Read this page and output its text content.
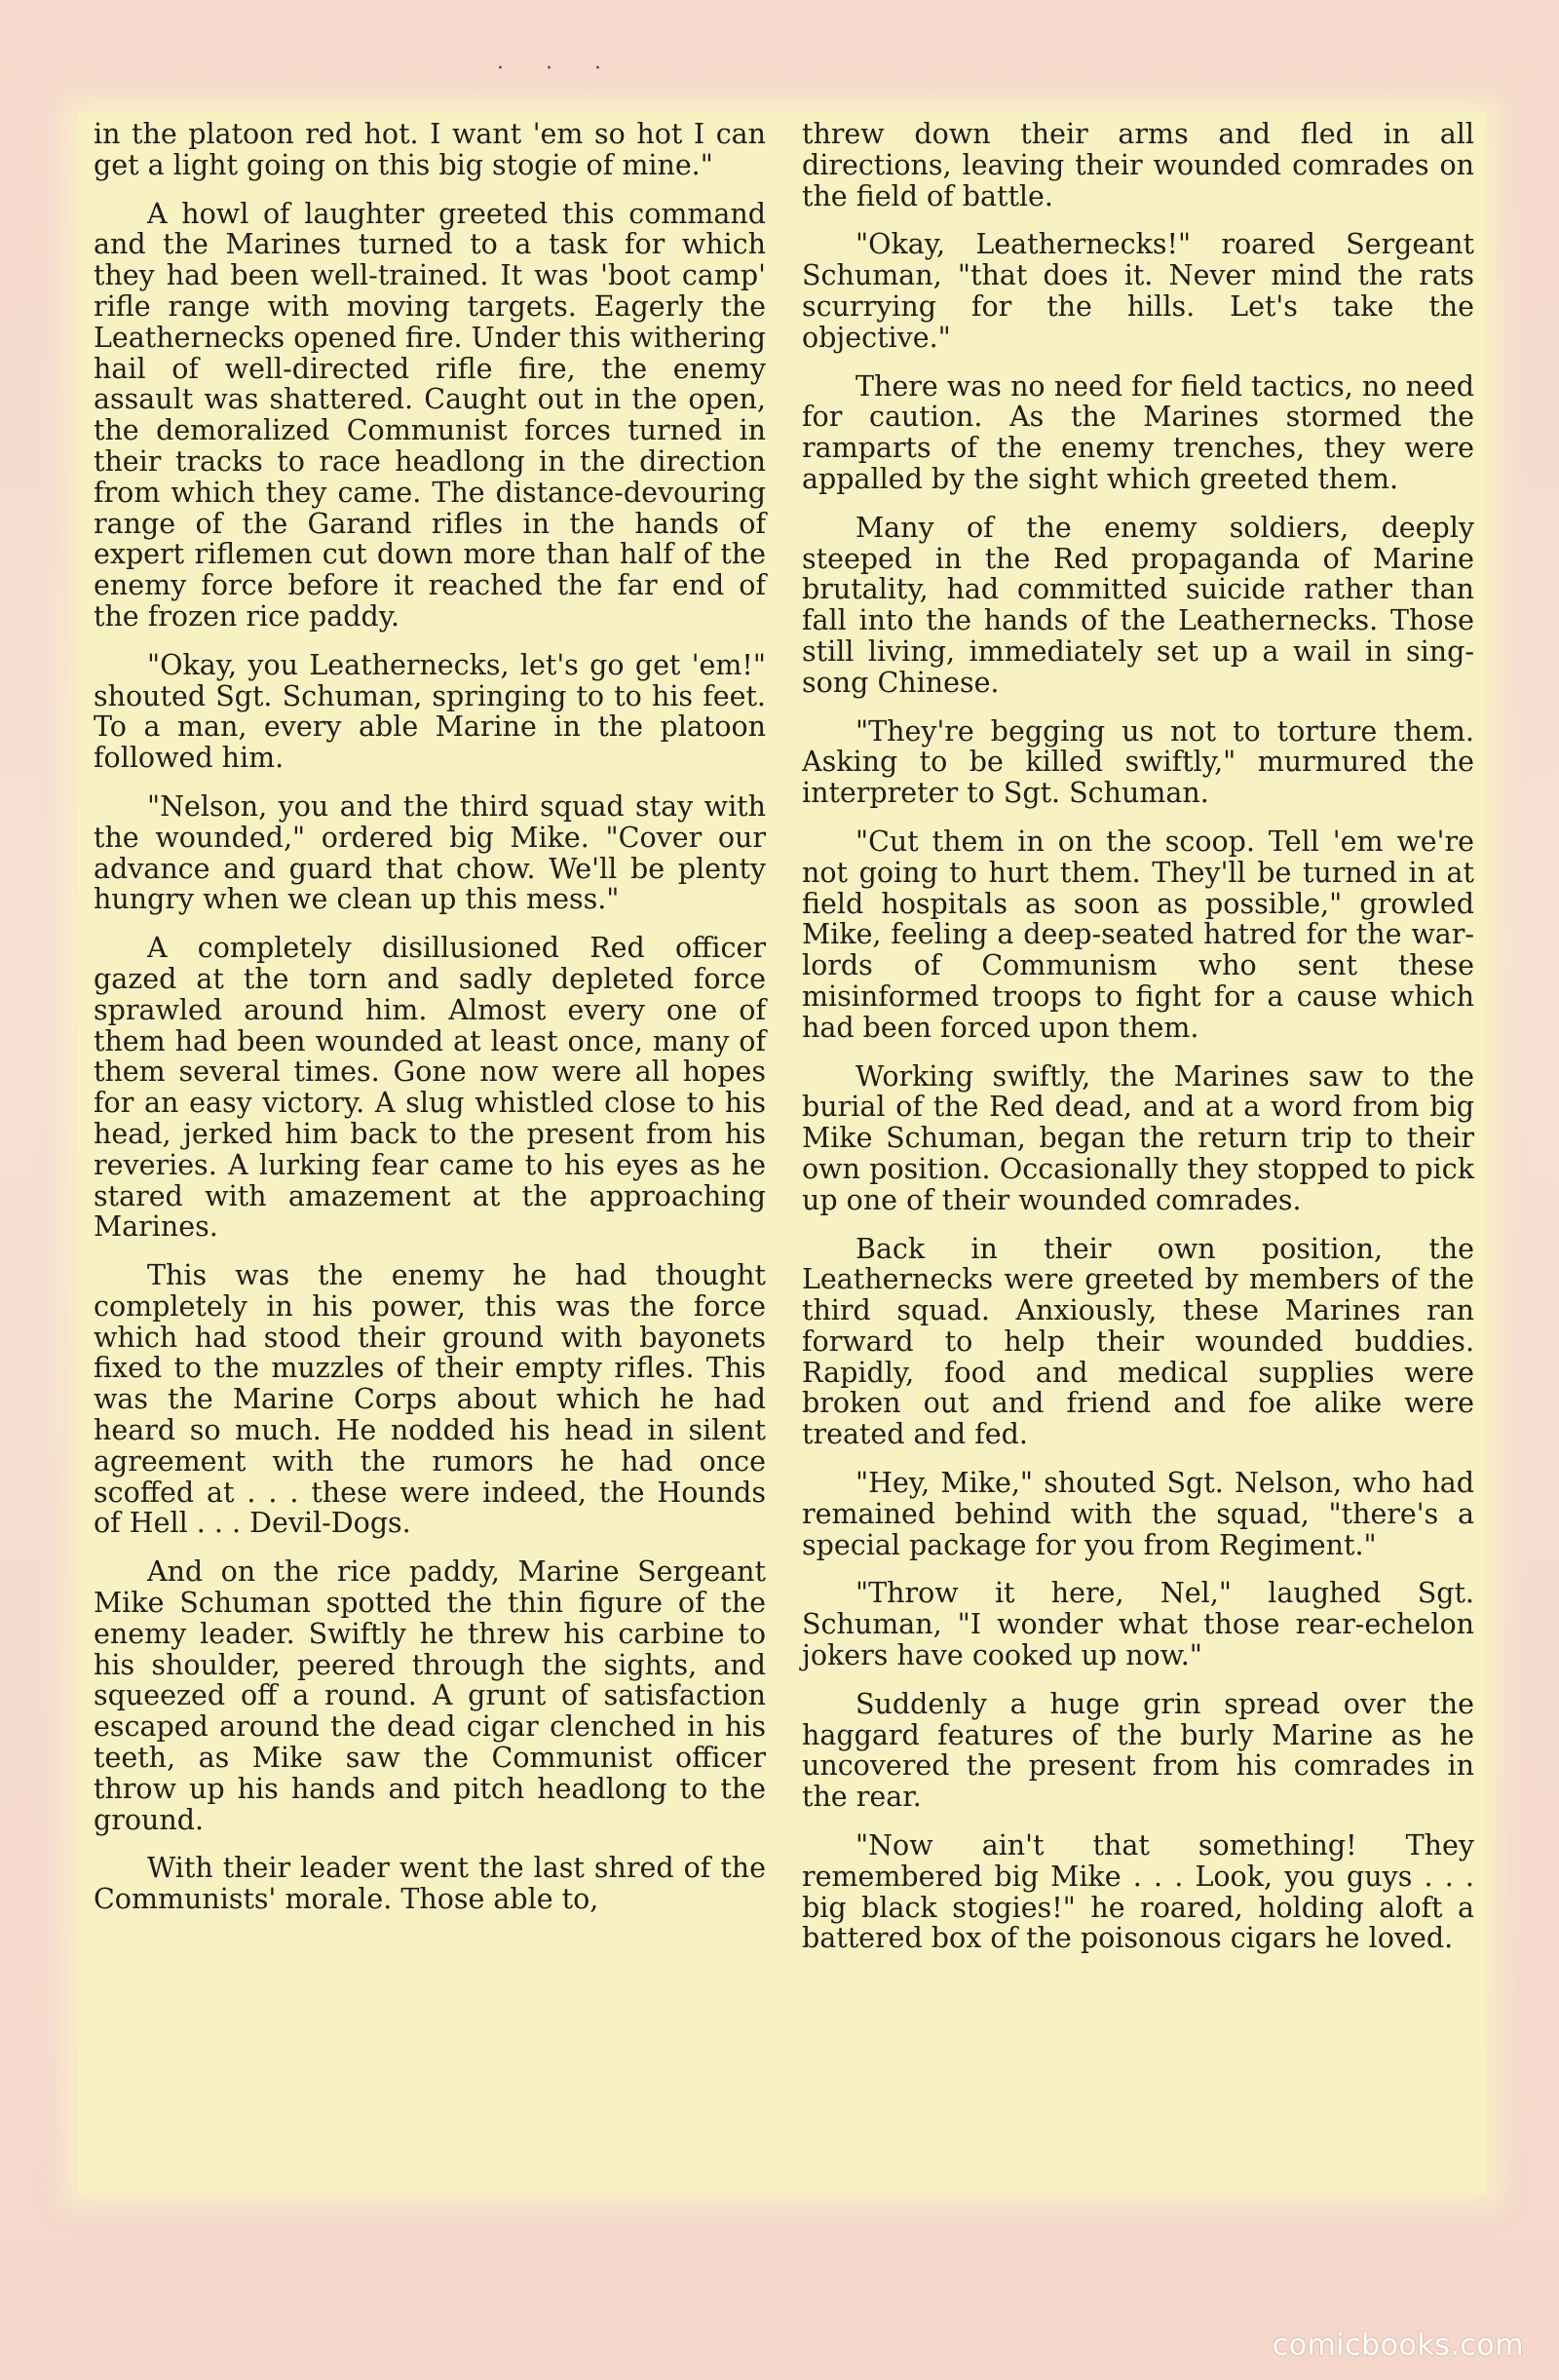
· · ·

in the platoon red hot. I want 'em so hot I can get a light going on this big stogie of mine."

A howl of laughter greeted this command and the Marines turned to a task for which they had been well-trained. It was 'boot camp' rifle range with moving targets. Eagerly the Leathernecks opened fire. Under this withering hail of well-directed rifle fire, the enemy assault was shattered. Caught out in the open, the demoralized Communist forces turned in their tracks to race headlong in the direction from which they came. The distance-devouring range of the Garand rifles in the hands of expert riflemen cut down more than half of the enemy force before it reached the far end of the frozen rice paddy.

"Okay, you Leathernecks, let's go get 'em!" shouted Sgt. Schuman, springing to to his feet. To a man, every able Marine in the platoon followed him.

"Nelson, you and the third squad stay with the wounded," ordered big Mike. "Cover our advance and guard that chow. We'll be plenty hungry when we clean up this mess."

A completely disillusioned Red officer gazed at the torn and sadly depleted force sprawled around him. Almost every one of them had been wounded at least once, many of them several times. Gone now were all hopes for an easy victory. A slug whistled close to his head, jerked him back to the present from his reveries. A lurking fear came to his eyes as he stared with amazement at the approaching Marines.

This was the enemy he had thought completely in his power, this was the force which had stood their ground with bayonets fixed to the muzzles of their empty rifles. This was the Marine Corps about which he had heard so much. He nodded his head in silent agreement with the rumors he had once scoffed at . . . these were indeed, the Hounds of Hell . . . Devil-Dogs.

And on the rice paddy, Marine Sergeant Mike Schuman spotted the thin figure of the enemy leader. Swiftly he threw his carbine to his shoulder, peered through the sights, and squeezed off a round. A grunt of satisfaction escaped around the dead cigar clenched in his teeth, as Mike saw the Communist officer throw up his hands and pitch headlong to the ground.

With their leader went the last shred of the Communists' morale. Those able to,

threw down their arms and fled in all directions, leaving their wounded comrades on the field of battle.

"Okay, Leathernecks!" roared Sergeant Schuman, "that does it. Never mind the rats scurrying for the hills. Let's take the objective."

There was no need for field tactics, no need for caution. As the Marines stormed the ramparts of the enemy trenches, they were appalled by the sight which greeted them.

Many of the enemy soldiers, deeply steeped in the Red propaganda of Marine brutality, had committed suicide rather than fall into the hands of the Leathernecks. Those still living, immediately set up a wail in sing-song Chinese.

"They're begging us not to torture them. Asking to be killed swiftly," murmured the interpreter to Sgt. Schuman.

"Cut them in on the scoop. Tell 'em we're not going to hurt them. They'll be turned in at field hospitals as soon as possible," growled Mike, feeling a deep-seated hatred for the war-lords of Communism who sent these misinformed troops to fight for a cause which had been forced upon them.

Working swiftly, the Marines saw to the burial of the Red dead, and at a word from big Mike Schuman, began the return trip to their own position. Occasionally they stopped to pick up one of their wounded comrades.

Back in their own position, the Leathernecks were greeted by members of the third squad. Anxiously, these Marines ran forward to help their wounded buddies. Rapidly, food and medical supplies were broken out and friend and foe alike were treated and fed.

"Hey, Mike," shouted Sgt. Nelson, who had remained behind with the squad, "there's a special package for you from Regiment."

"Throw it here, Nel," laughed Sgt. Schuman, "I wonder what those rear-echelon jokers have cooked up now."

Suddenly a huge grin spread over the haggard features of the burly Marine as he uncovered the present from his comrades in the rear.

"Now ain't that something! They remembered big Mike . . . Look, you guys . . . big black stogies!" he roared, holding aloft a battered box of the poisonous cigars he loved.

comicbooks.com
